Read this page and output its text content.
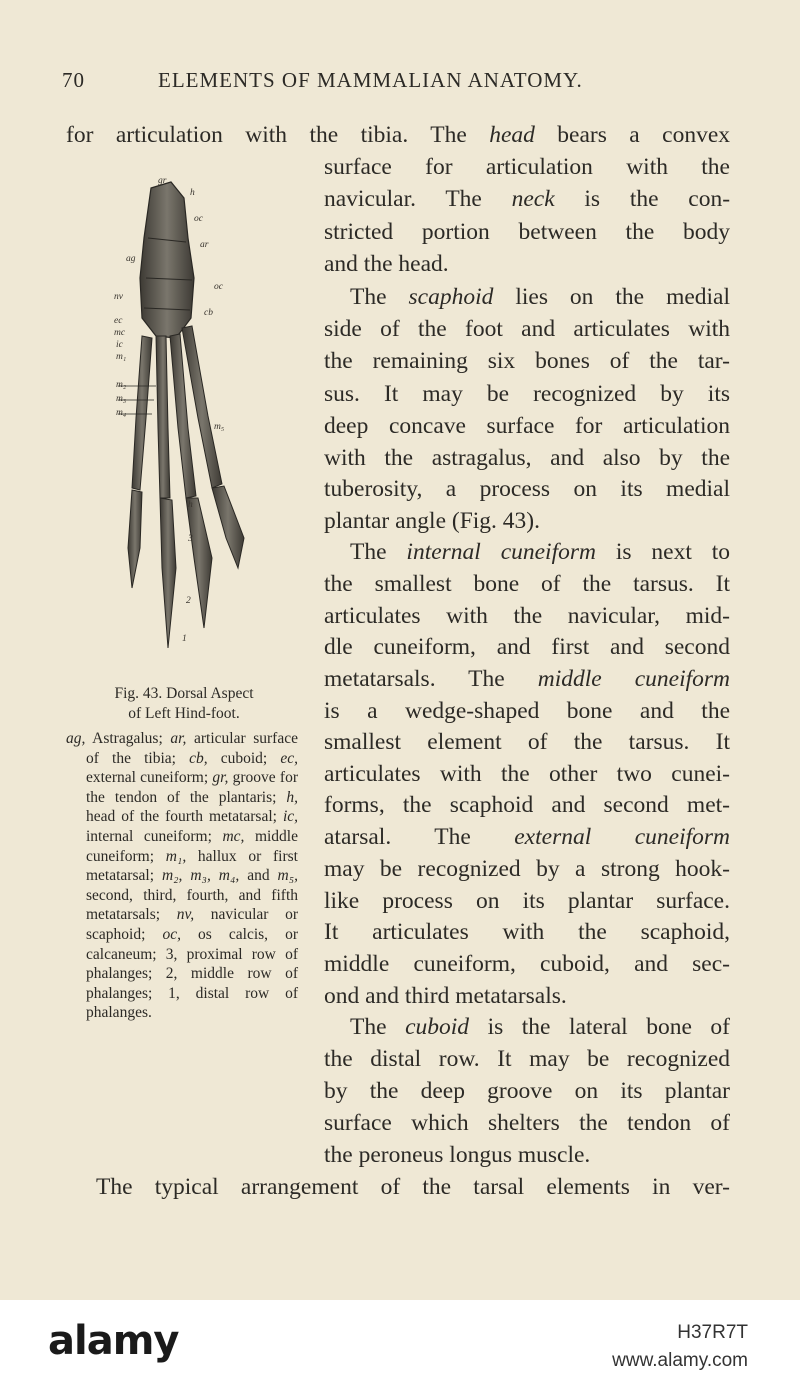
70	ELEMENTS OF MAMMALIAN ANATOMY.
for articulation with the tibia. The head bears a convex
surface for articulation with the
navicular. The neck is the con-
stricted portion between the body
and the head.
The scaphoid lies on the medial
side of the foot and articulates with
the remaining six bones of the tar-
sus. It may be recognized by its
deep concave surface for articulation
with the astragalus, and also by the
tuberosity, a process on its medial
plantar angle (Fig. 43).
The internal cuneiform is next to
the smallest bone of the tarsus. It
articulates with the navicular, mid-
dle cuneiform, and first and second
metatarsals. The middle cuneiform
is a wedge-shaped bone and the
smallest element of the tarsus. It
articulates with the other two cunei-
forms, the scaphoid and second met-
atarsal. The external cuneiform
may be recognized by a strong hook-
like process on its plantar surface.
It articulates with the scaphoid,
middle cuneiform, cuboid, and sec-
ond and third metatarsals.
The cuboid is the lateral bone of
the distal row. It may be recognized
by the deep groove on its plantar
surface which shelters the tendon of
the peroneus longus muscle.
The typical arrangement of the tarsal elements in ver-
gr
h
oc
ar
ag
oc
nv
cb
ec
mc
ic
m₁
m₂
m₃
m₄
m₅
h
3
2
1
Fig. 43. Dorsal Aspect
of Left Hind-foot.
ag, Astragalus; ar, articular surface of the tibia; cb, cuboid; ec, external cuneiform; gr, groove for the tendon of the plantaris; h, head of the fourth metatarsal; ic, internal cuneiform; mc, middle cuneiform; m₁, hallux or first metatarsal; m₂, m₃, m₄, and m₅, second, third, fourth, and fifth metatarsals; nv, navicular or scaphoid; oc, os calcis, or calcaneum; 3, proximal row of phalanges; 2, middle row of phalanges; 1, distal row of phalanges.
alamy	H37R7T
www.alamy.com
